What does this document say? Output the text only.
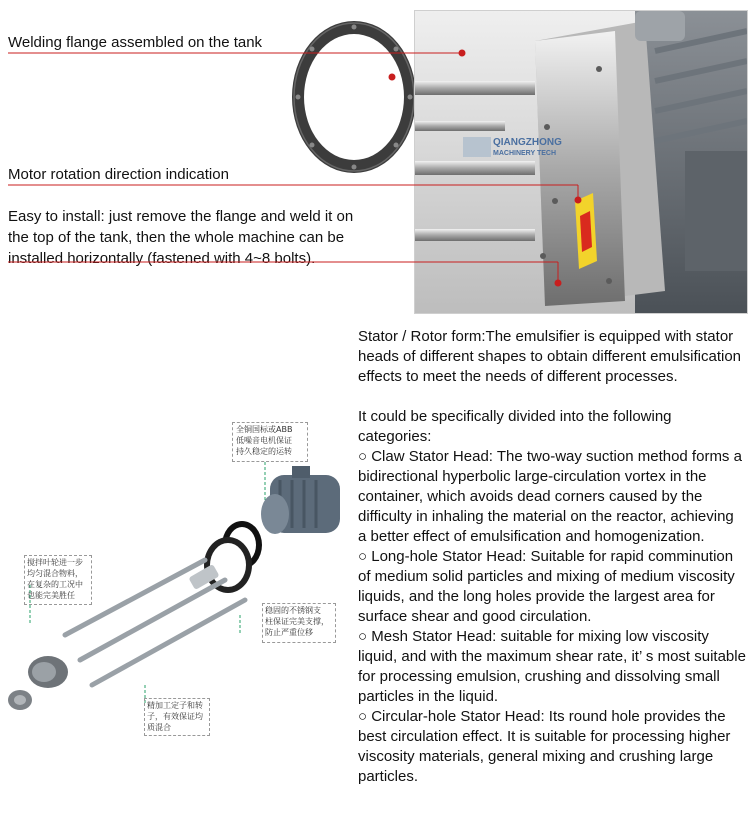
Welding flange assembled on the tank
Motor rotation direction indication
Easy to install: just remove the flange and weld it on
the top of the tank, then the whole machine can be
installed horizontally (fastened with 4~8 bolts).
QIANGZHONG
MACHINERY TECH
全铜国标或ABB
低噪音电机保证
持久稳定的运转
搅拌叶轮进一步
均匀混合物料，
在复杂的工况中
也能完美胜任
稳固的不锈钢支
柱保证完美支撑，
防止严重位移
精加工定子和转
子，有效保证均
质混合
Stator / Rotor form:The emulsifier is equipped with stator heads of different shapes to obtain different emulsification effects to meet the needs of different processes.
It could be specifically divided into the following categories:
○ Claw Stator Head: The two-way suction method forms a bidirectional hyperbolic large-circulation vortex in the container, which avoids dead corners caused by the difficulty in inhaling the material on the reactor, achieving a better effect of emulsification and homogenization.
○ Long-hole Stator Head: Suitable for rapid comminution of medium solid particles and mixing of medium viscosity liquids, and the long holes provide the largest area for surface shear and good circulation.
○ Mesh Stator Head: suitable for mixing low viscosity liquid, and with the maximum shear rate, it’ s most suitable for processing emulsion, crushing and dissolving small particles in the liquid.
○ Circular-hole Stator Head: Its round hole provides the best circulation effect. It is suitable for processing higher viscosity materials, general mixing and crushing large particles.
